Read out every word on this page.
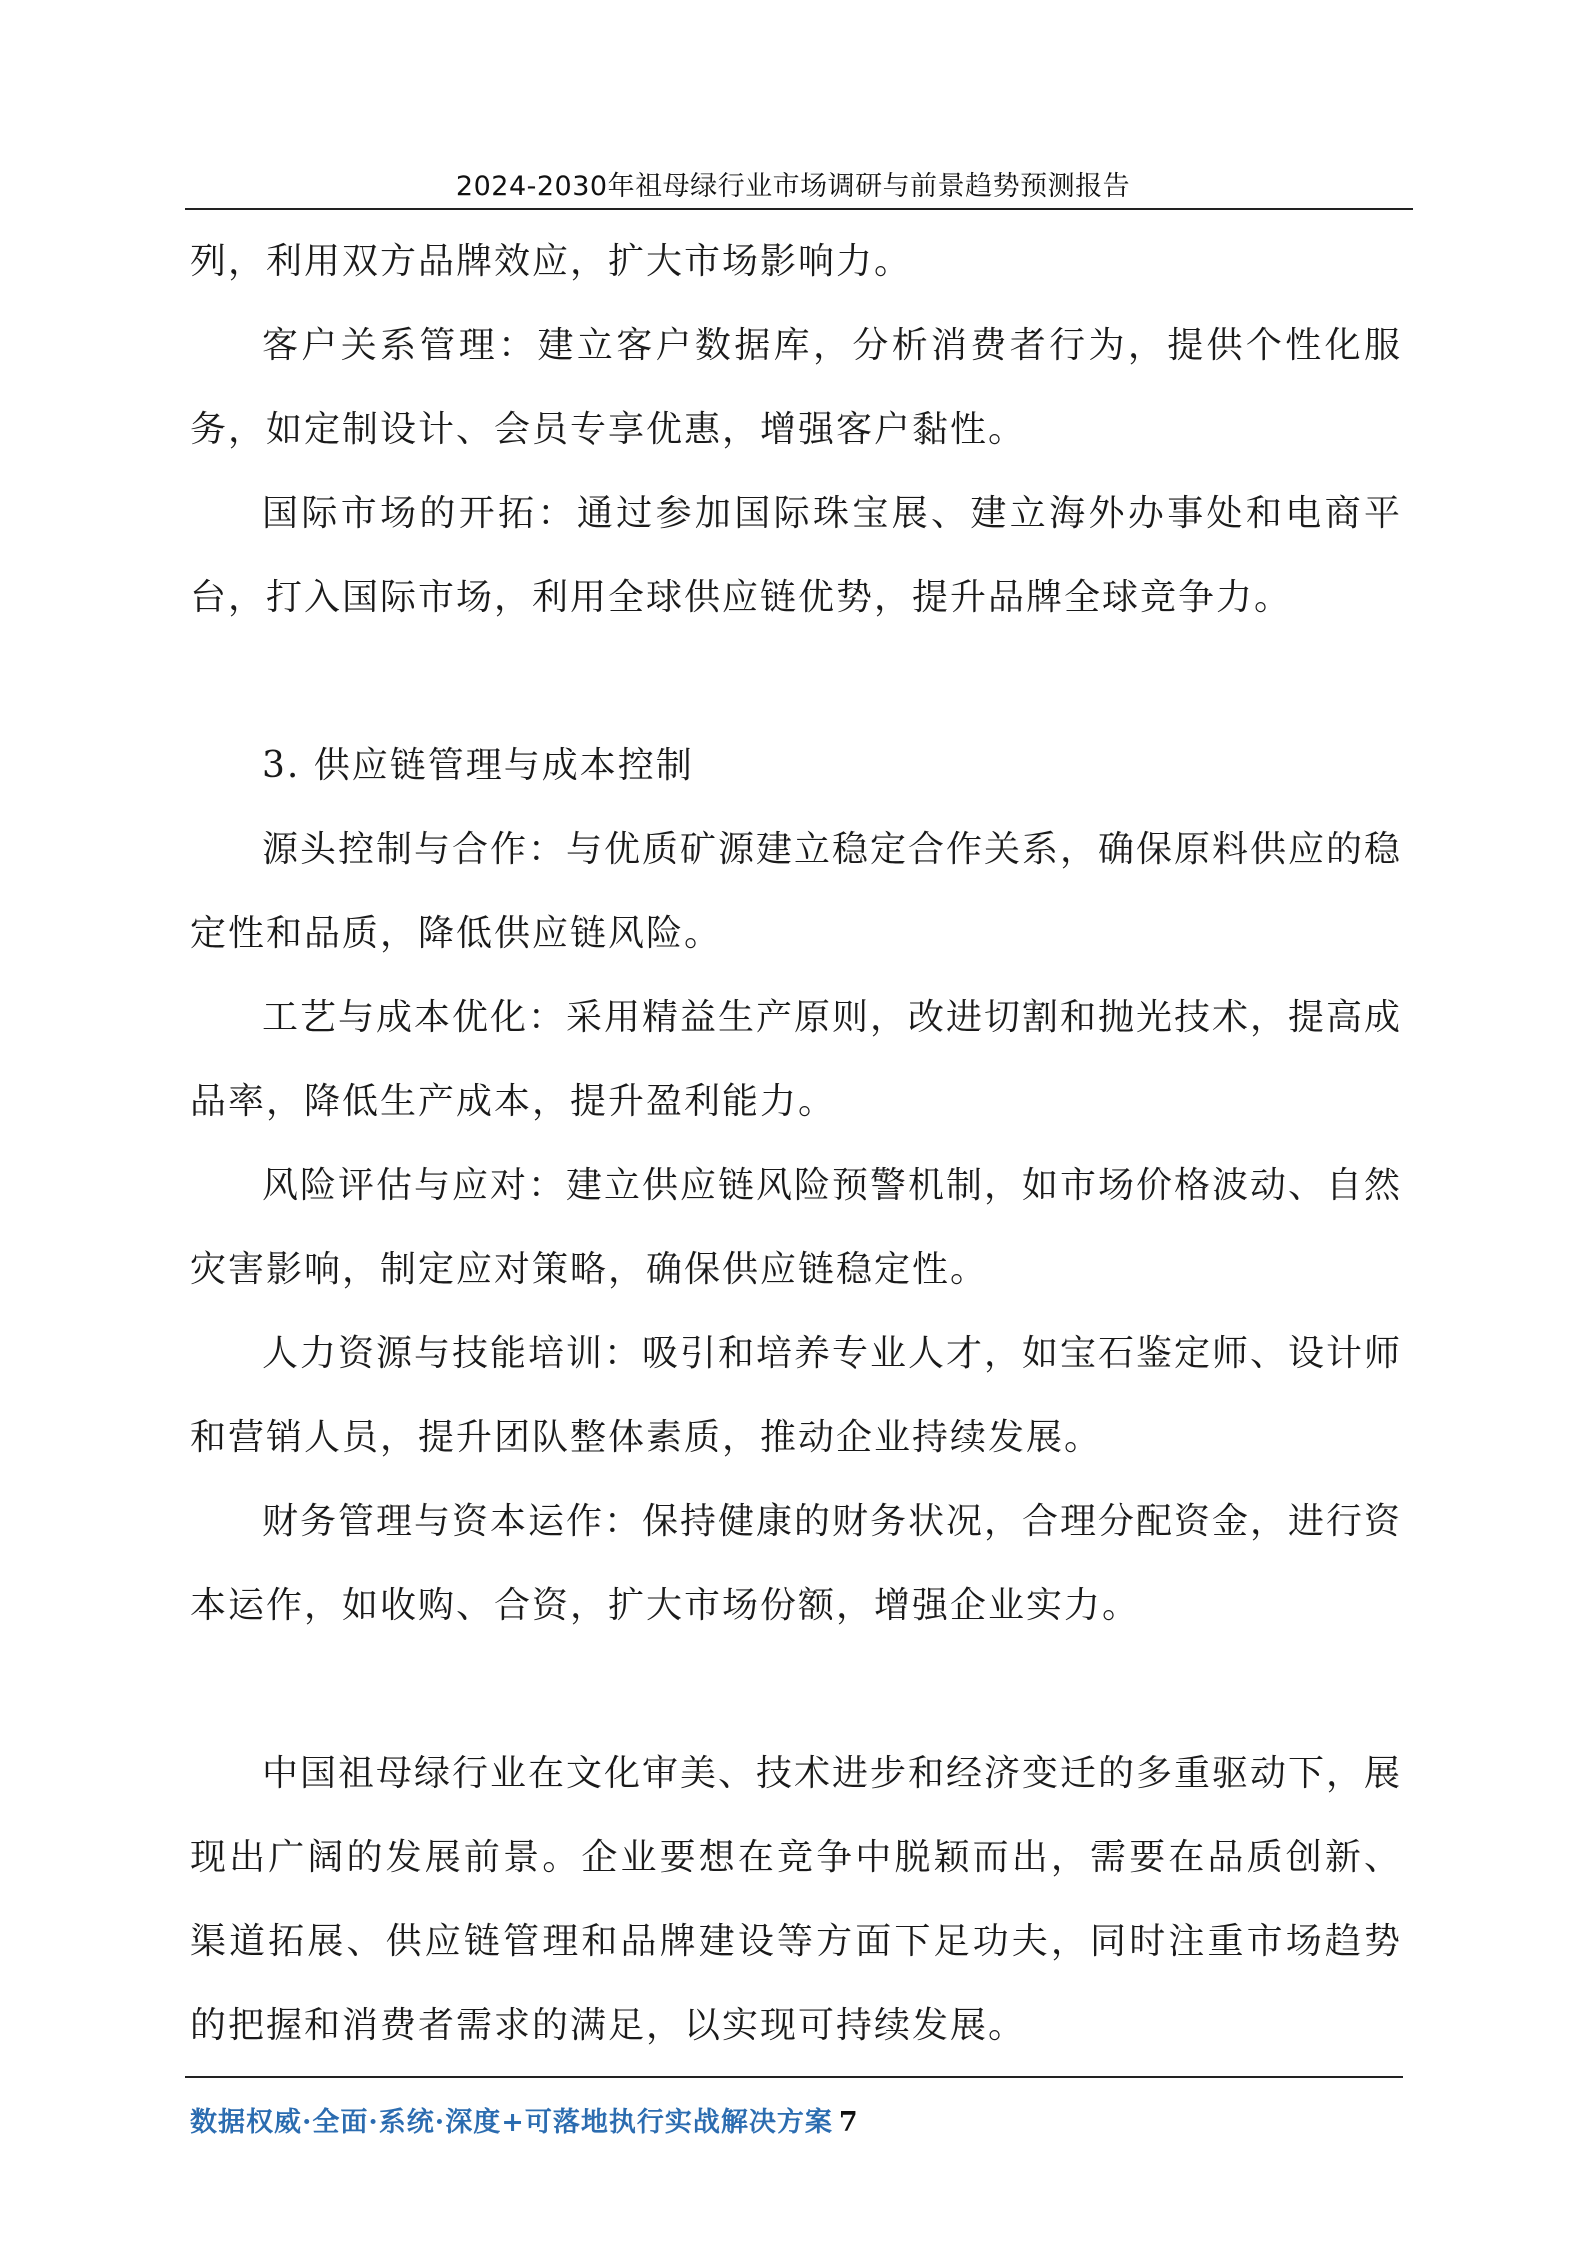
2024-2030年祖母绿行业市场调研与前景趋势预测报告

列，利用双方品牌效应，扩大市场影响力。

客户关系管理：建立客户数据库，分析消费者行为，提供个性化服务，如定制设计、会员专享优惠，增强客户黏性。

国际市场的开拓：通过参加国际珠宝展、建立海外办事处和电商平台，打入国际市场，利用全球供应链优势，提升品牌全球竞争力。

3. 供应链管理与成本控制

源头控制与合作：与优质矿源建立稳定合作关系，确保原料供应的稳定性和品质，降低供应链风险。

工艺与成本优化：采用精益生产原则，改进切割和抛光技术，提高成品率，降低生产成本，提升盈利能力。

风险评估与应对：建立供应链风险预警机制，如市场价格波动、自然灾害影响，制定应对策略，确保供应链稳定性。

人力资源与技能培训：吸引和培养专业人才，如宝石鉴定师、设计师和营销人员，提升团队整体素质，推动企业持续发展。

财务管理与资本运作：保持健康的财务状况，合理分配资金，进行资本运作，如收购、合资，扩大市场份额，增强企业实力。

中国祖母绿行业在文化审美、技术进步和经济变迁的多重驱动下，展现出广阔的发展前景。企业要想在竞争中脱颖而出，需要在品质创新、渠道拓展、供应链管理和品牌建设等方面下足功夫，同时注重市场趋势的把握和消费者需求的满足，以实现可持续发展。

数据权威·全面·系统·深度+可落地执行实战解决方案 7
